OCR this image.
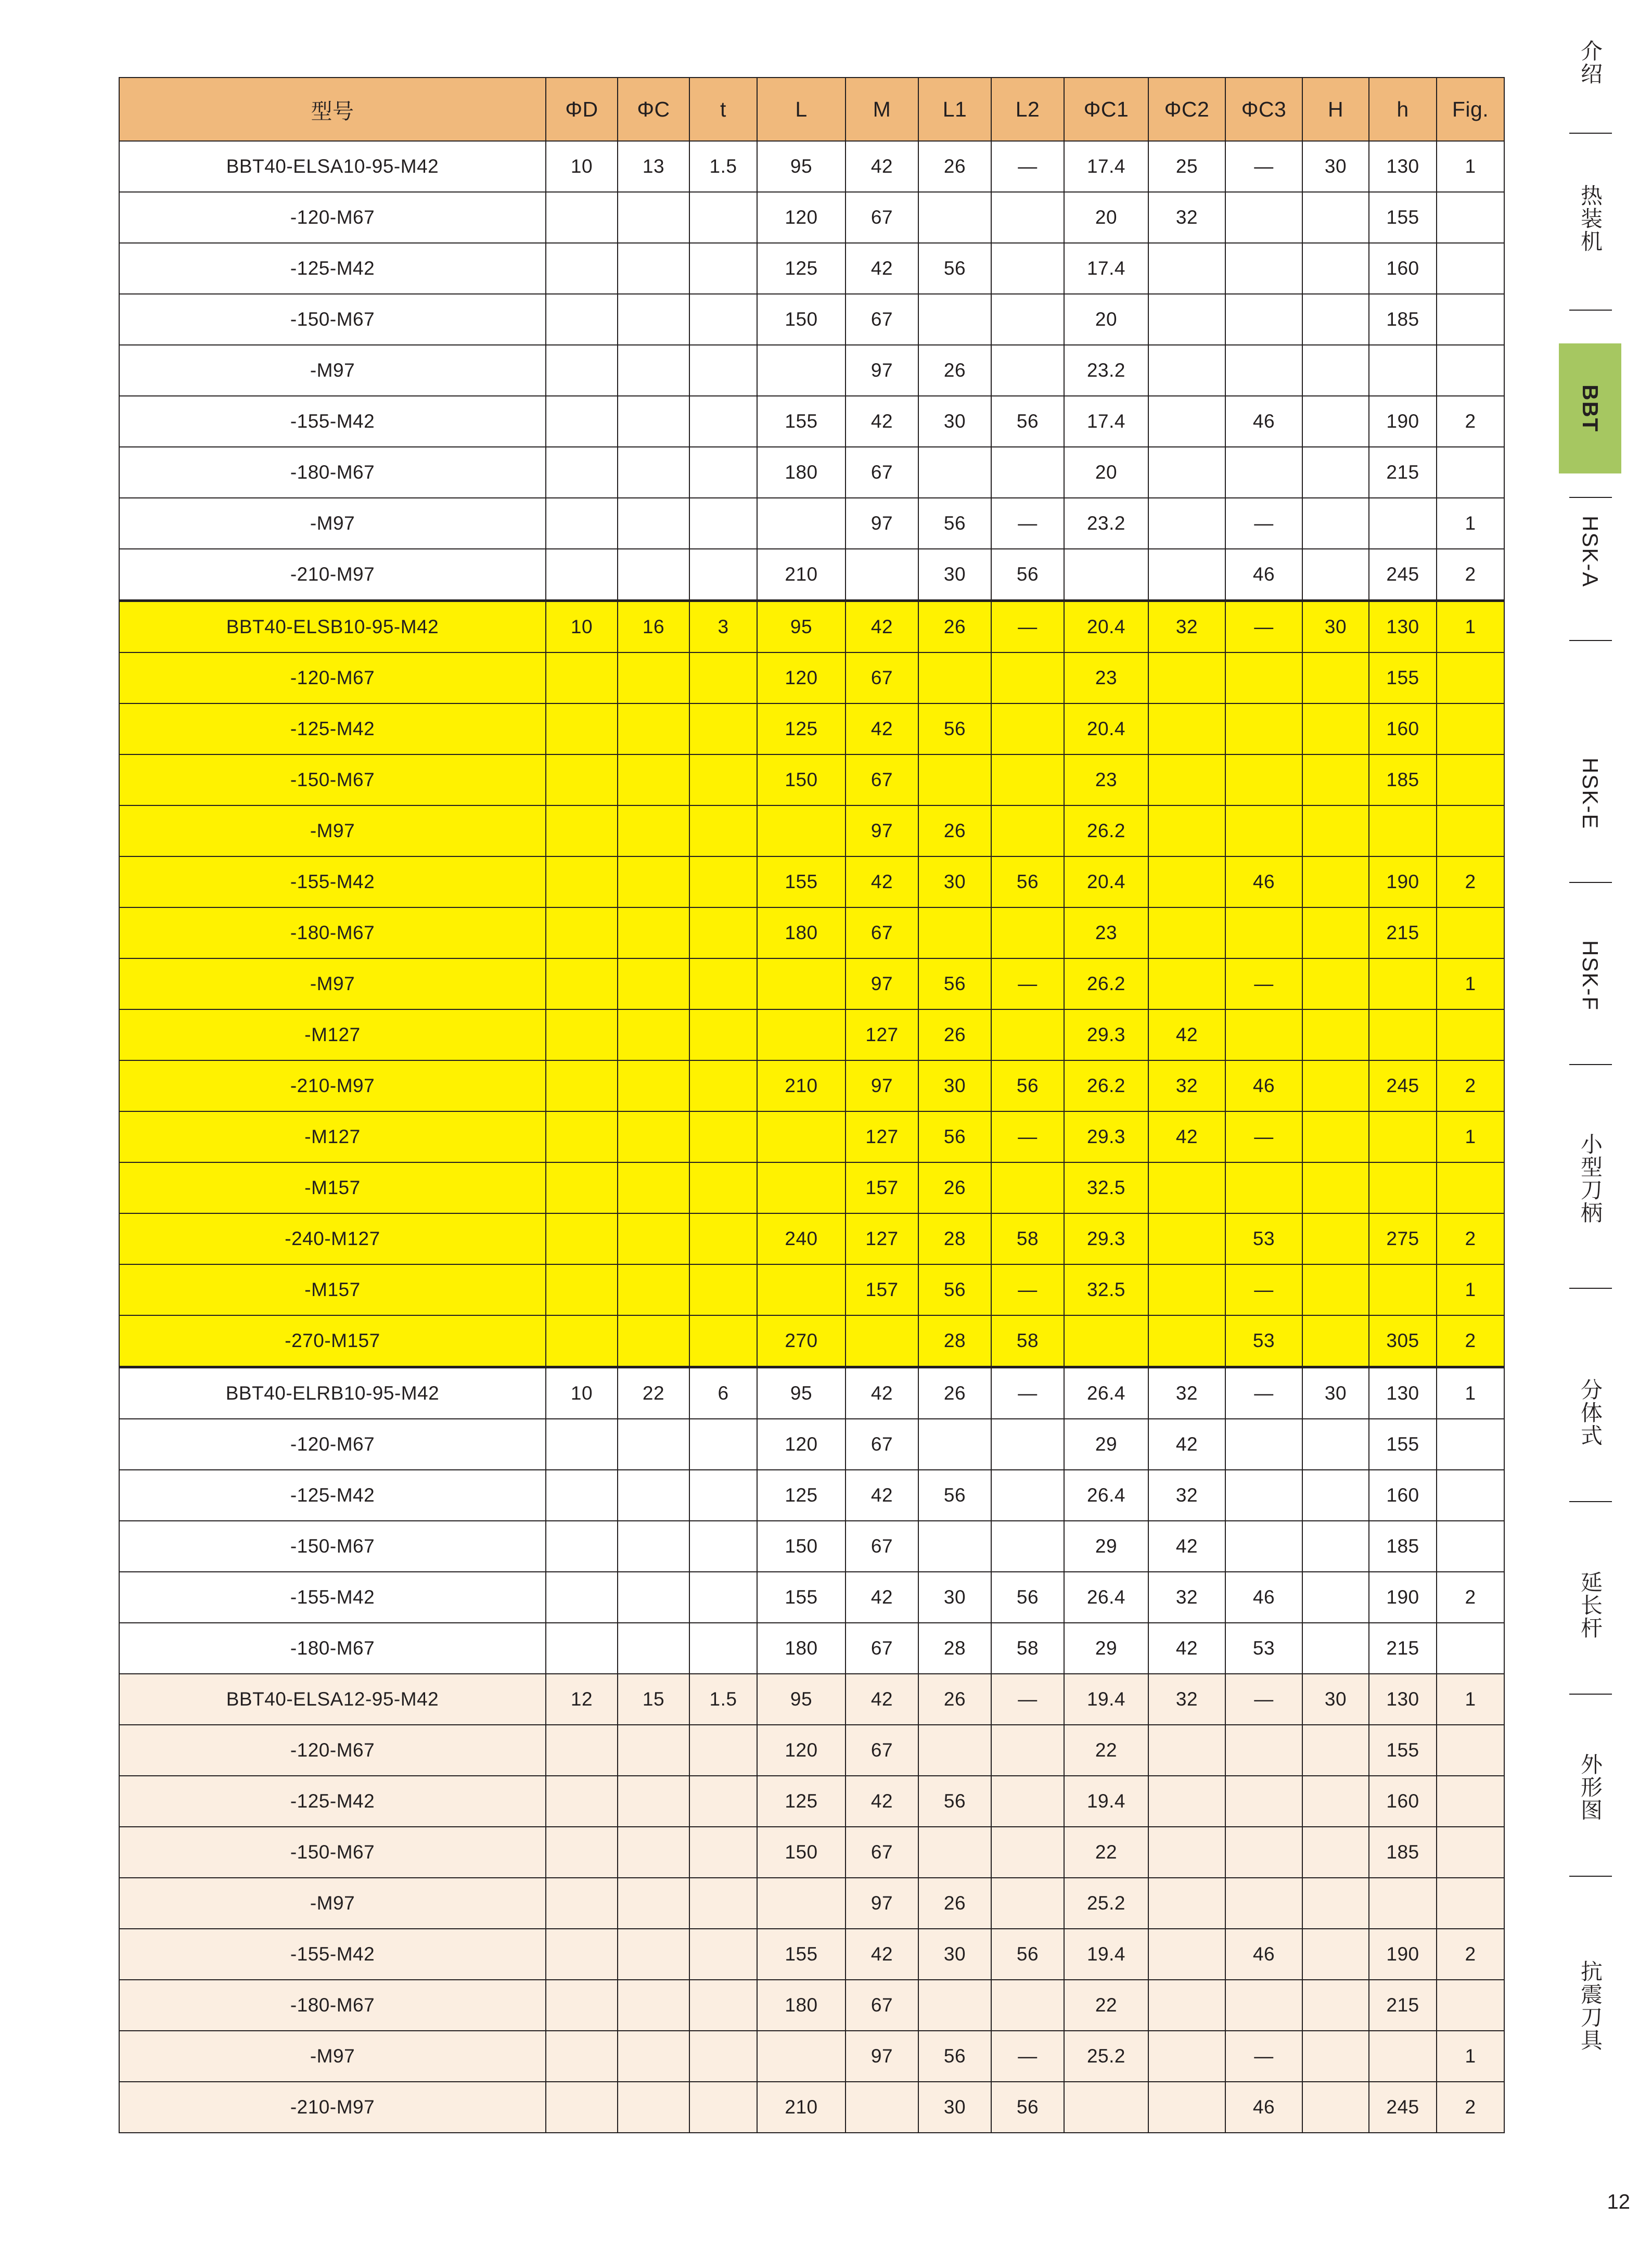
型号	ΦD	ΦC	t	L	M	L1	L2	ΦC1	ΦC2	ΦC3	H	h	Fig.
BBT40-ELSA10-95-M42	10	13	1.5	95	42	26	—	17.4	25	—	30	130	1
-120-M67				120	67			20	32			155	
-125-M42				125	42	56		17.4				160	
-150-M67				150	67			20				185	
-M97					97	26		23.2					
-155-M42				155	42	30	56	17.4		46		190	2
-180-M67				180	67			20				215	
-M97					97	56	—	23.2		—			1
-210-M97				210		30	56			46		245	2
BBT40-ELSB10-95-M42	10	16	3	95	42	26	—	20.4	32	—	30	130	1
-120-M67				120	67			23				155	
-125-M42				125	42	56		20.4				160	
-150-M67				150	67			23				185	
-M97					97	26		26.2					
-155-M42				155	42	30	56	20.4		46		190	2
-180-M67				180	67			23				215	
-M97					97	56	—	26.2		—			1
-M127					127	26		29.3	42				
-210-M97				210	97	30	56	26.2	32	46		245	2
-M127					127	56	—	29.3	42	—			1
-M157					157	26		32.5					
-240-M127				240	127	28	58	29.3		53		275	2
-M157					157	56	—	32.5		—			1
-270-M157				270		28	58			53		305	2
BBT40-ELRB10-95-M42	10	22	6	95	42	26	—	26.4	32	—	30	130	1
-120-M67				120	67			29	42			155	
-125-M42				125	42	56		26.4	32			160	
-150-M67				150	67			29	42			185	
-155-M42				155	42	30	56	26.4	32	46		190	2
-180-M67				180	67	28	58	29	42	53		215	
BBT40-ELSA12-95-M42	12	15	1.5	95	42	26	—	19.4	32	—	30	130	1
-120-M67				120	67			22				155	
-125-M42				125	42	56		19.4				160	
-150-M67				150	67			22				185	
-M97					97	26		25.2					
-155-M42				155	42	30	56	19.4		46		190	2
-180-M67				180	67			22				215	
-M97					97	56	—	25.2		—			1
-210-M97				210		30	56			46		245	2
介绍
热装机
BBT
HSK-A
HSK-E
HSK-F
小型刀柄
分体式
延长杆
外形图
抗震刀具
12
